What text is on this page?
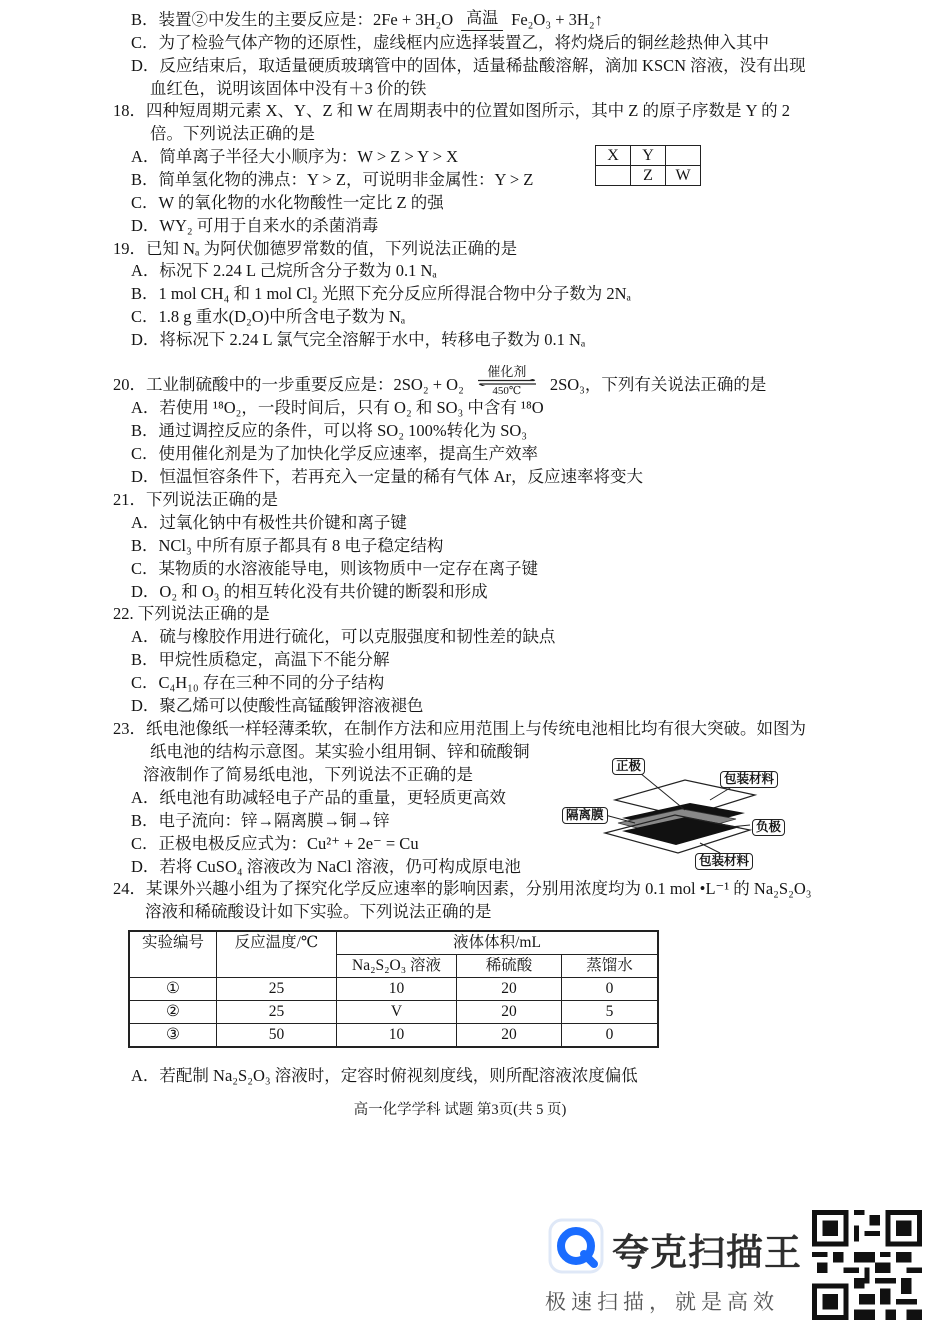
B．装置②中发生的主要反应是：2Fe + 3H₂O 高温 Fe₂O₃ + 3H₂↑
C．为了检验气体产物的还原性，虚线框内应选择装置乙，将灼烧后的铜丝趁热伸入其中
D．反应结束后，取适量硬质玻璃管中的固体，适量稀盐酸溶解，滴加 KSCN 溶液，没有出现
血红色，说明该固体中没有＋3 价的铁
18．四种短周期元素 X、Y、Z 和 W 在周期表中的位置如图所示，其中 Z 的原子序数是 Y 的 2
倍。下列说法正确的是
A．简单离子半径大小顺序为：W > Z > Y > X
B．简单氢化物的沸点：Y > Z，可说明非金属性：Y > Z
C．W 的氧化物的水化物酸性一定比 Z 的强
D．WY₂ 可用于自来水的杀菌消毒
X	Y	
	Z	W
19．已知 Nₐ 为阿伏伽德罗常数的值，下列说法正确的是
A．标况下 2.24 L 己烷所含分子数为 0.1 Nₐ
B．1 mol CH₄ 和 1 mol Cl₂ 光照下充分反应所得混合物中分子数为 2Nₐ
C．1.8 g 重水(D₂O)中所含电子数为 Nₐ
D．将标况下 2.24 L 氯气完全溶解于水中，转移电子数为 0.1 Nₐ
20．工业制硫酸中的一步重要反应是：2SO₂ + O₂
催化剂
450℃	2SO₃，下列有关说法正确的是
A．若使用 ¹⁸O₂，一段时间后，只有 O₂ 和 SO₃ 中含有 ¹⁸O
B．通过调控反应的条件，可以将 SO₂ 100%转化为 SO₃
C．使用催化剂是为了加快化学反应速率，提高生产效率
D．恒温恒容条件下，若再充入一定量的稀有气体 Ar，反应速率将变大
21．下列说法正确的是
A．过氧化钠中有极性共价键和离子键
B．NCl₃ 中所有原子都具有 8 电子稳定结构
C．某物质的水溶液能导电，则该物质中一定存在离子键
D．O₂ 和 O₃ 的相互转化没有共价键的断裂和形成
22. 下列说法正确的是
A．硫与橡胶作用进行硫化，可以克服强度和韧性差的缺点
B．甲烷性质稳定，高温下不能分解
C．C₄H₁₀ 存在三种不同的分子结构
D．聚乙烯可以使酸性高锰酸钾溶液褪色
23．纸电池像纸一样轻薄柔软，在制作方法和应用范围上与传统电池相比均有很大突破。如图为
纸电池的结构示意图。某实验小组用铜、锌和硫酸铜
溶液制作了简易纸电池，下列说法不正确的是
A．纸电池有助减轻电子产品的重量，更轻质更高效
B．电子流向：锌→隔离膜→铜→锌
C．正极电极反应式为：Cu²⁺ + 2e⁻ = Cu
D．若将 CuSO₄ 溶液改为 NaCl 溶液，仍可构成原电池
正极
包装材料
隔离膜
负极
包装材料
24．某课外兴趣小组为了探究化学反应速率的影响因素，分别用浓度均为 0.1 mol •L⁻¹ 的 Na₂S₂O₃
溶液和稀硫酸设计如下实验。下列说法正确的是
实验编号	反应温度/℃	液体体积/mL		
		Na₂S₂O₃ 溶液	稀硫酸	蒸馏水
①	25	10	20	0
②	25	V	20	5
③	50	10	20	0
A．若配制 Na₂S₂O₃ 溶液时，定容时俯视刻度线，则所配溶液浓度偏低
高一化学学科 试题 第3页(共 5 页)
夸克扫描王
极速扫描，就是高效
